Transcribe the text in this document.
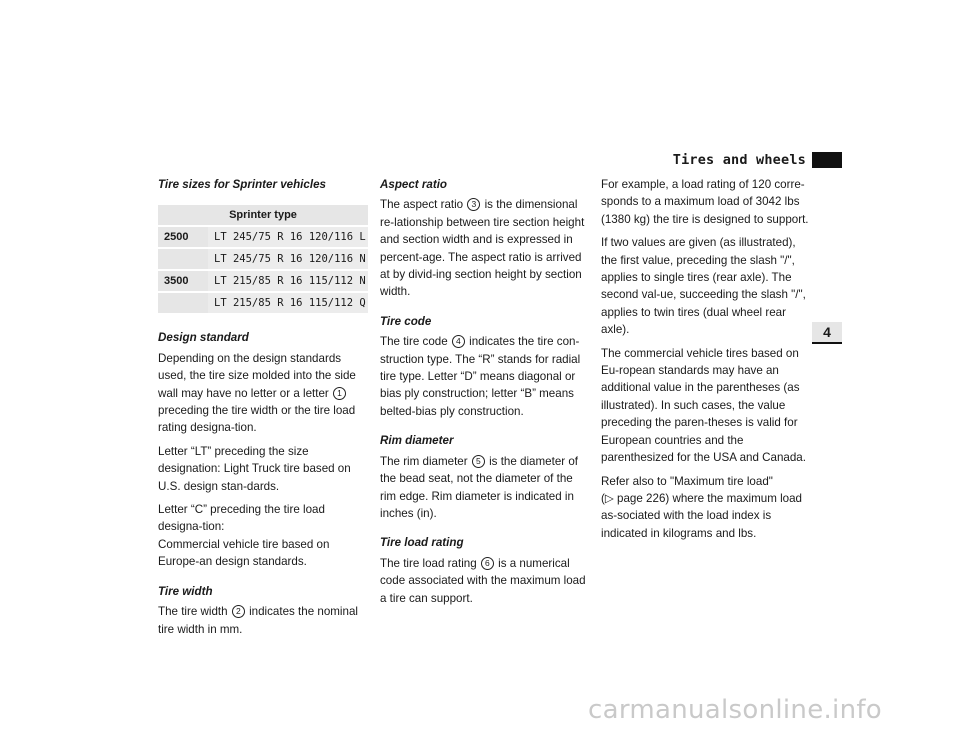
Tires and wheels
4
Tire sizes for Sprinter vehicles
Sprinter type	
2500	LT 245/75 R 16 120/116 L
	LT 245/75 R 16 120/116 N
3500	LT 215/85 R 16 115/112 N
	LT 215/85 R 16 115/112 Q
Design standard

Depending on the design standards used, the tire size molded into the side wall may have no letter or a letter 1 preceding the tire width or the tire load rating designa-tion.

Letter “LT” preceding the size designation: Light Truck tire based on U.S. design stan-dards.

Letter “C” preceding the tire load designa-tion:
Commercial vehicle tire based on Europe-an design standards.

Tire width

The tire width 2 indicates the nominal tire width in mm.

Aspect ratio

The aspect ratio 3 is the dimensional re-lationship between tire section height and section width and is expressed in percent-age. The aspect ratio is arrived at by divid-ing section height by section width.

Tire code

The tire code 4 indicates the tire con-struction type. The “R” stands for radial tire type. Letter “D” means diagonal or bias ply construction; letter “B” means belted-bias ply construction.

Rim diameter

The rim diameter 5 is the diameter of the bead seat, not the diameter of the rim edge. Rim diameter is indicated in inches (in).

Tire load rating

The tire load rating 6 is a numerical code associated with the maximum load a tire can support.

For example, a load rating of 120 corre-sponds to a maximum load of 3042 lbs (1380 kg) the tire is designed to support.

If two values are given (as illustrated), the first value, preceding the slash "/", applies to single tires (rear axle). The second val-ue, succeeding the slash "/", applies to twin tires (dual wheel rear axle).

The commercial vehicle tires based on Eu-ropean standards may have an additional value in the parentheses (as illustrated). In such cases, the value preceding the paren-theses is valid for European countries and the parenthesized for the USA and Canada.

Refer also to "Maximum tire load"
(▷ page 226) where the maximum load as-sociated with the load index is indicated in kilograms and lbs.

carmanualsonline.info
